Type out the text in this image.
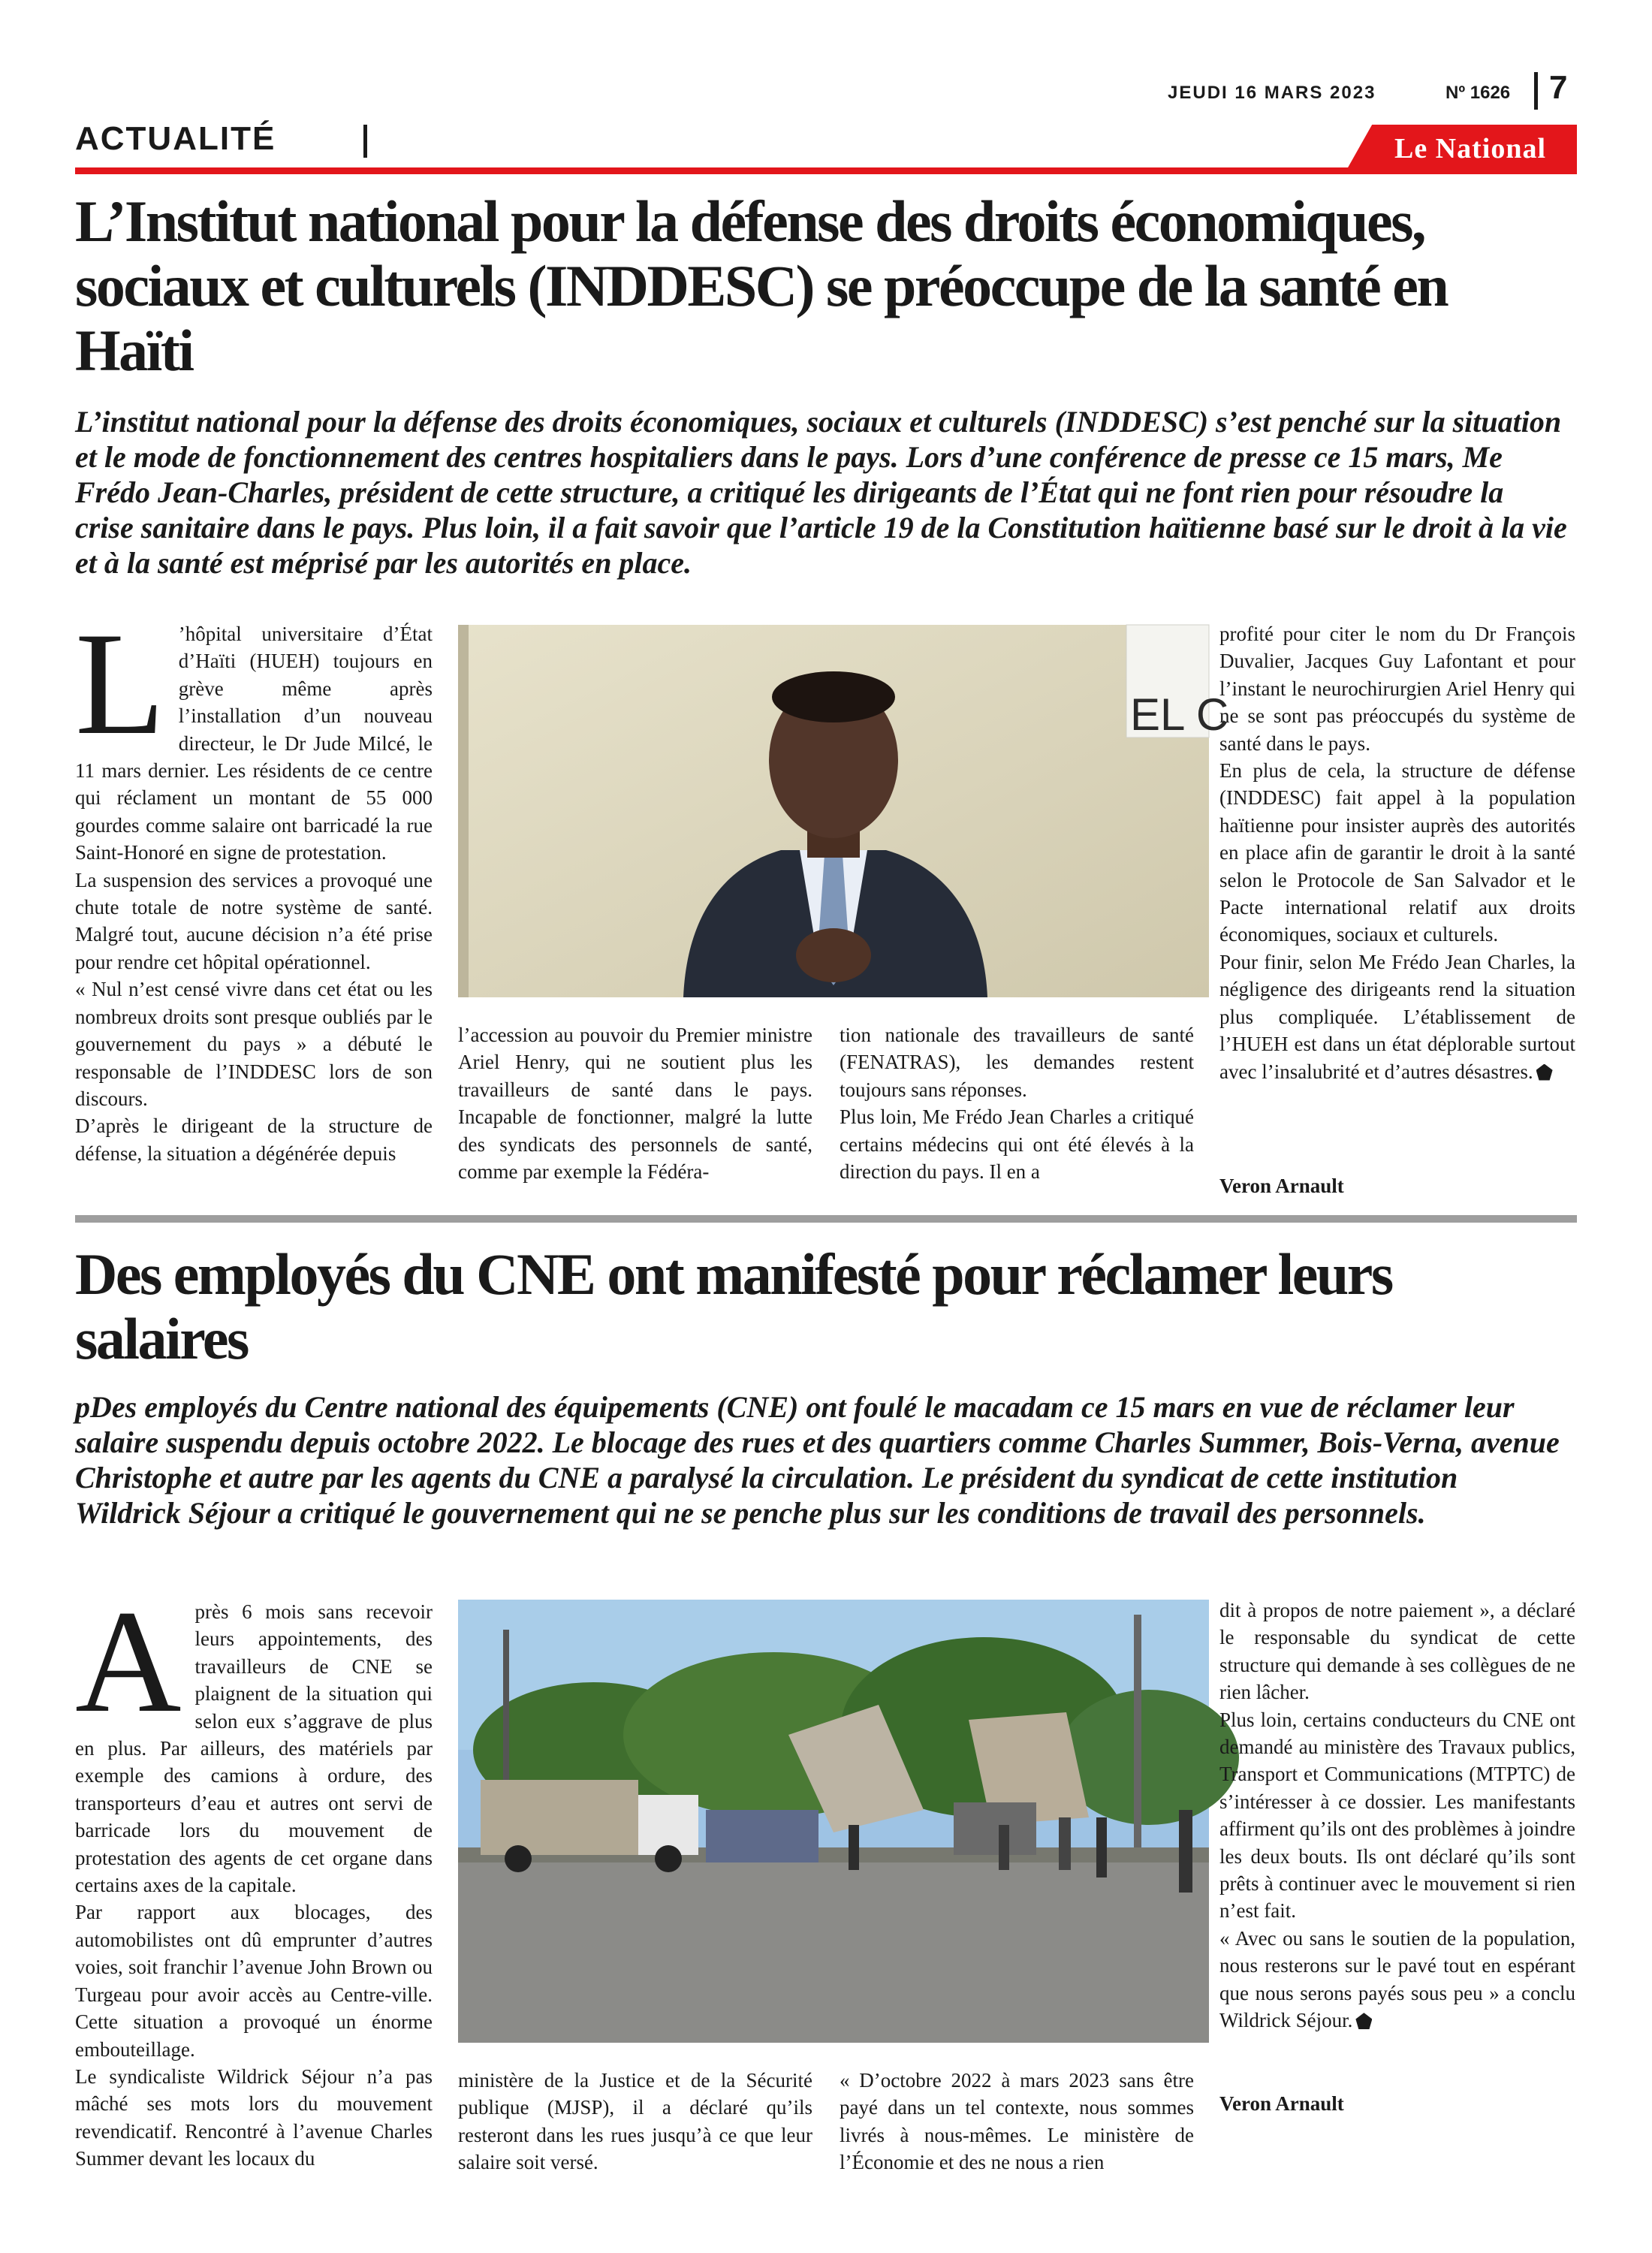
JEUDI 16 MARS 2023	Nº 1626 7
ACTUALITÉ	Le National
L’Institut national pour la défense des droits économiques, sociaux et culturels (INDDESC) se préoccupe de la santé en Haïti
L’institut national pour la défense des droits économiques, sociaux et culturels (INDDESC) s’est penché sur la situation et le mode de fonctionnement des centres hospitaliers dans le pays. Lors d’une conférence de presse ce 15 mars, Me Frédo Jean-Charles, président de cette structure, a critiqué les dirigeants de l’État qui ne font rien pour résoudre la crise sanitaire dans le pays. Plus loin, il a fait savoir que l’article 19 de la Constitution haïtienne basé sur le droit à la vie et à la santé est méprisé par les autorités en place.
L ’hôpital universitaire d’État d’Haïti (HUEH) toujours en grève même après l’installation d’un nouveau directeur, le Dr Jude Milcé, le 11 mars dernier. Les résidents de ce centre qui réclament un montant de 55 000 gourdes comme salaire ont barricadé la rue Saint-Honoré en signe de protestation.

La suspension des services a provoqué une chute totale de notre système de santé. Malgré tout, aucune décision n’a été prise pour rendre cet hôpital opérationnel.

« Nul n’est censé vivre dans cet état ou les nombreux droits sont presque oubliés par le gouvernement du pays » a débuté le responsable de l’INDDESC lors de son discours.

D’après le dirigeant de la structure de défense, la situation a dégénérée depuis

EL C

l’accession au pouvoir du Premier ministre Ariel Henry, qui ne soutient plus les travailleurs de santé dans le pays. Incapable de fonctionner, malgré la lutte des syndicats des personnels de santé, comme par exemple la Fédéra-

tion nationale des travailleurs de santé (FENATRAS), les demandes restent toujours sans réponses.

Plus loin, Me Frédo Jean Charles a critiqué certains médecins qui ont été élevés à la direction du pays. Il en a

profité pour citer le nom du Dr François Duvalier, Jacques Guy Lafontant et pour l’instant le neurochirurgien Ariel Henry qui ne se sont pas préoccupés du système de santé dans le pays.

En plus de cela, la structure de défense (INDDESC) fait appel à la population haïtienne pour insister auprès des autorités en place afin de garantir le droit à la santé selon le Protocole de San Salvador et le Pacte international relatif aux droits économiques, sociaux et culturels.

Pour finir, selon Me Frédo Jean Charles, la négligence des dirigeants rend la situation plus compliquée. L’établissement de l’HUEH est dans un état déplorable surtout avec l’insalubrité et d’autres désastres.

Veron Arnault
Des employés du CNE ont manifesté pour réclamer leurs salaires
pDes employés du Centre national des équipements (CNE) ont foulé le macadam ce 15 mars en vue de réclamer leur salaire suspendu depuis octobre 2022. Le blocage des rues et des quartiers comme Charles Summer, Bois-Verna, avenue Christophe et autre par les agents du CNE a paralysé la circulation. Le président du syndicat de cette institution Wildrick Séjour a critiqué le gouvernement qui ne se penche plus sur les conditions de travail des personnels.
A près 6 mois sans recevoir leurs appointements, des travailleurs de CNE se plaignent de la situation qui selon eux s’aggrave de plus en plus. Par ailleurs, des matériels par exemple des camions à ordure, des transporteurs d’eau et autres ont servi de barricade lors du mouvement de protestation des agents de cet organe dans certains axes de la capitale.

Par rapport aux blocages, des automobilistes ont dû emprunter d’autres voies, soit franchir l’avenue John Brown ou Turgeau pour avoir accès au Centre-ville. Cette situation a provoqué un énorme embouteillage.

Le syndicaliste Wildrick Séjour n’a pas mâché ses mots lors du mouvement revendicatif. Rencontré à l’avenue Charles Summer devant les locaux du

ministère de la Justice et de la Sécurité publique (MJSP), il a déclaré qu’ils resteront dans les rues jusqu’à ce que leur salaire soit versé.

« D’octobre 2022 à mars 2023 sans être payé dans un tel contexte, nous sommes livrés à nous-mêmes. Le ministère de l’Économie et des ne nous a rien

dit à propos de notre paiement », a déclaré le responsable du syndicat de cette structure qui demande à ses collègues de ne rien lâcher.

Plus loin, certains conducteurs du CNE ont demandé au ministère des Travaux publics, Transport et Communications (MTPTC) de s’intéresser à ce dossier. Les manifestants affirment qu’ils ont des problèmes à joindre les deux bouts. Ils ont déclaré qu’ils sont prêts à continuer avec le mouvement si rien n’est fait.

« Avec ou sans le soutien de la population, nous resterons sur le pavé tout en espérant que nous serons payés sous peu » a conclu Wildrick Séjour.

Veron Arnault
